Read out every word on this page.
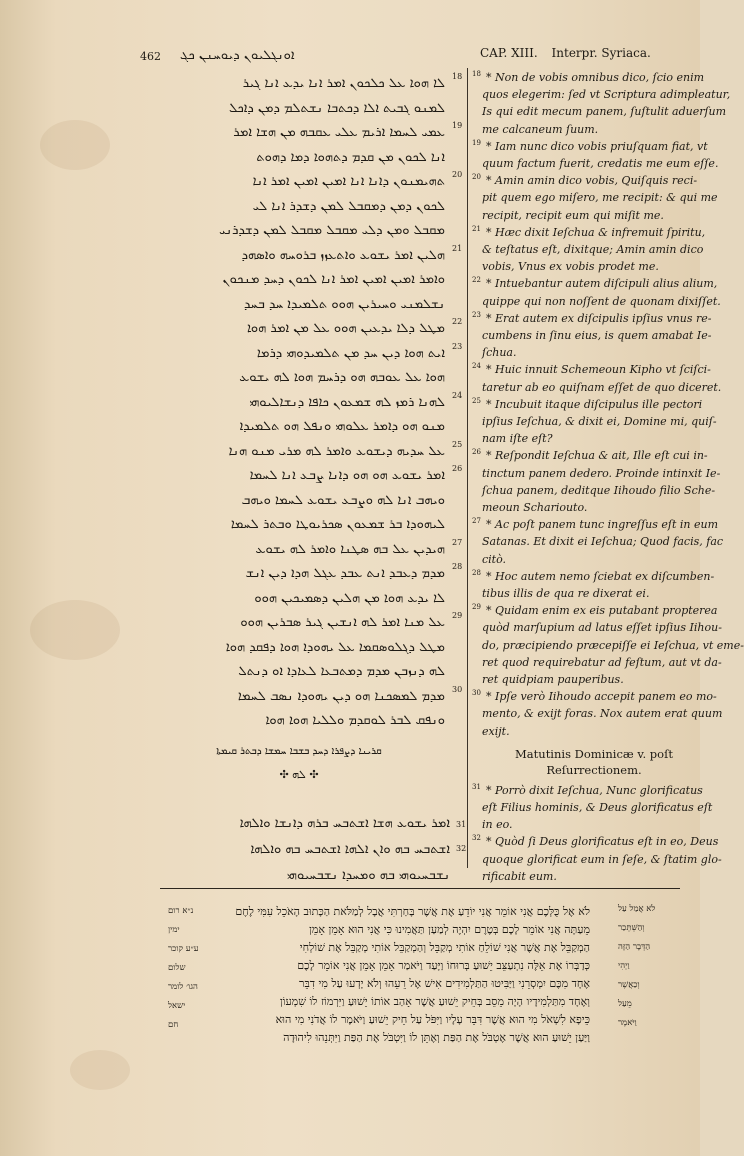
462 ܐܘܢܓܠܝܘܢ ܕܝܘܚܢܢ ܟܓ	CAP. XIII. Interpr. Syriaca.
ܠܐ ܗܘܐ ܥܠ ܟܠܟܘܢ ܐܡܪ ܐܢܐ ܝܕܥ ܐܢܐ ܓܝܪ
ܠܡܢܘ ܓܒܝܬ ܐܠܐ ܕܟܬܒܐ ܢܫܬܠܡ ܕܡܢ ܕܐܟܠ
ܥܡܝ ܠܚܡܐ ܐܪܝܡ ܥܠܝ ܥܩܒܗ ܡܢ ܗܫܐ ܐܡܪ
ܐܢܐ ܠܟܘܢ ܡܢ ܩܕܡ ܕܬܗܘܐ ܕܡܐ ܕܗܘܬ
ܬܗܝܡܢܘܢ ܕܐܢܐ ܐܢܐ ܐܡܝܢ ܐܡܝܢ ܐܡܪ ܐܢܐ
ܠܟܘܢ ܕܡܢ ܕܡܩܒܠ ܠܡܢ ܕܫܕܪ ܐܢܐ ܠܝ
ܡܩܒܠ ܘܡܢ ܕܠܝ ܡܩܒܠ ܡܩܒܠ ܠܡܢ ܕܫܕܪܢܝ
ܗܠܝܢ ܐܡܪ ܝܫܘܥ ܘܐܬܥܙܙ ܒܪܘܚܗ ܘܐܣܗܕ
ܘܐܡܪ ܐܡܝܢ ܐܡܝܢ ܐܡܪ ܐܢܐ ܠܟܘܢ ܕܚܕ ܡܢܟܘܢ
ܢܫܠܡܢܝ ܘܚܝܪܝܢ ܗܘܘ ܬܠܡܝܕܐ ܚܕ ܒܚܕ
ܡܛܠ ܕܠܐ ܝܕܥܝܢ ܗܘܘ ܥܠ ܡܢ ܐܡܪ ܗܘܐ
ܐܝܬ ܗܘܐ ܕܝܢ ܚܕ ܡܢ ܬܠܡܝܕܘܗܝ ܕܪܡܐ
ܗܘܐ ܥܠ ܥܘܒܗ ܗܘ ܕܪܚܡ ܗܘܐ ܠܗ ܝܫܘܥ
ܠܗܢܐ ܪܡܙ ܠܗ ܫܡܥܘܢ ܟܐܦܐ ܕܢܫܐܠܝܘܗܝ
ܡܢܘ ܗܘ ܕܐܡܪ ܥܠܘܗܝ ܘܢܦܠ ܗܘ ܬܠܡܝܕܐ
ܥܠ ܚܕܝܗ ܕܝܫܘܥ ܘܐܡܪ ܠܗ ܡܪܝ ܡܢܘ ܗܢܐ
ܐܡܪ ܝܫܘܥ ܗܘ ܗܘ ܕܐܢܐ ܨܒܥ ܐܢܐ ܠܚܡܐ
ܘܝܗܒ ܐܢܐ ܠܗ ܘܨܒܥ ܝܫܘܥ ܠܚܡܐ ܘܝܗܒ
ܠܝܗܘܕܐ ܒܪ ܫܡܥܘܢ ܣܟܪܝܘܛܐ ܘܒܬܪ ܠܚܡܐ
ܗܝܕܝܢ ܥܠ ܒܗ ܣܛܢܐ ܘܐܡܪ ܠܗ ܝܫܘܥ
ܡܕܡ ܕܥܒܕ ܐܢܬ ܥܒܕ ܥܓܠ ܗܕܐ ܕܝܢ ܐܢܫ
ܠܐ ܝܕܥ ܗܘܐ ܡܢ ܗܠܝܢ ܕܣܡܝܟܝܢ ܗܘܘ
ܥܠ ܡܢܐ ܐܡܪ ܠܗ ܐܢܫܝܢ ܓܝܪ ܣܒܪܝܢ ܗܘܘ
ܡܛܠ ܕܓܠܘܣܩܡܐ ܥܠ ܝܗܘܕܐ ܗܘܐ ܕܦܩܕ ܗܘܐ
ܠܗ ܕܢܙܒܢ ܡܕܡ ܕܡܬܒܥܐ ܠܥܐܕܐ ܐܘ ܕܢܬܠ
ܡܕܡ ܠܡܣܟܢܐ ܗܘ ܕܝܢ ܝܗܘܕܐ ܢܣܒ ܠܚܡܐ
ܘܢܦܩ ܠܒܪ ܠܘܩܕܡ ܘܠܠܝܐ ܗܘܐ ܗܘܐ
18
19
20
21
22
23
24
25
26
27
28
29
30
ܩܪܝܢܐ ܕܨܦܪܐ ܕܚܕ ܒܫܒܐ ܚܡܫܐ ܕܒܬܪ ܩܝܡܬܐ
✣ ܠܗ ✣
ܐܡܪ ܝܫܘܥ ܗܫܐ ܐܫܬܒܚ ܒܪܗ ܕܐܢܫܐ ܘܐܠܗܐ
ܐܫܬܒܚ ܒܗ ܘܐܢ ܐܠܗܐ ܐܫܬܒܚ ܒܗ ܘܐܠܗܐ
ܢܫܒܚܝܘܗܝ ܒܗ ܘܡܚܕܐ ܢܫܒܚܝܘܗܝ
31
32
18 * Non de vobis omnibus dico, ſcio enim
quos elegerim: ſed vt Scriptura adimpleatur,
Is qui edit mecum panem, ſuſtulit aduerſum
me calcaneum ſuum.
19 * Iam nunc dico vobis priuſquam fiat, vt
quum factum fuerit, credatis me eum eſſe.
20 * Amin amin dico vobis, Quiſquis reci-
pit quem ego miſero, me recipit: & qui me
recipit, recipit eum qui miſit me.
21 * Hæc dixit Ieſchua & infremuit ſpiritu,
& teſtatus eſt, dixitque; Amin amin dico
vobis, Vnus ex vobis prodet me.
22 * Intuebantur autem diſcipuli alius alium,
quippe qui non noſſent de quonam dixiſſet.
23 * Erat autem ex diſcipulis ipſius vnus re-
cumbens in ſinu eius, is quem amabat Ie-
ſchua.
24 * Huic innuit Schemeoun Kipho vt ſciſci-
taretur ab eo quiſnam eſſet de quo diceret.
25 * Incubuit itaque diſcipulus ille pectori
ipſius Ieſchua, & dixit ei, Domine mi, quiſ-
nam iſte eſt?
26 * Reſpondit Ieſchua & ait, Ille eſt cui in-
tinctum panem dedero. Proinde intinxit Ie-
ſchua panem, deditque Iihoudo filio Sche-
meoun Schariouto.
27 * Ac poſt panem tunc ingreſſus eſt in eum
Satanas. Et dixit ei Ieſchua; Quod facis, fac
citò.
28 * Hoc autem nemo ſciebat ex diſcumben-
tibus illis de qua re dixerat ei.
29 * Quidam enim ex eis putabant propterea
quòd marſupium ad latus eſſet ipſius Iihou-
do, præcipiendo præcepiſſe ei Ieſchua, vt eme-
ret quod requirebatur ad feſtum, aut vt da-
ret quidpiam pauperibus.
30 * Ipſe verò Iihoudo accepit panem eo mo-
mento, & exijt foras. Nox autem erat quum
exijt.
Matutinis Dominicæ v. poſt
Reſurrectionem.
31 * Porrò dixit Ieſchua, Nunc glorificatus
eſt Filius hominis, & Deus glorificatus eſt
in eo.
32 * Quòd ſi Deus glorificatus eſt in eo, Deus
quoque glorificat eum in ſeſe, & ſtatim glo-
rificabit eum.
לֹא אֶל כֻּלְּכֶם אֲנִי אוֹמֵר אֲנִי יוֹדֵעַ אֶת אֲשֶׁר בָּחַרְתִּי אֲבָל לְמַלֹּאת הַכָּתוּב הָאֹכֵל עִמִּי לֶחֶם
מֵעַתָּה אֲנִי אוֹמֵר לָכֶם בְּטֶרֶם יִהְיֶה לְמַעַן תַּאֲמִינוּ כִּי אֲנִי הוּא אָמֵן אָמֵן
הַמְקַבֵּל אֶת אֲשֶׁר אֲנִי שׁוֹלֵחַ אוֹתִי מְקַבֵּל וְהַמְקַבֵּל אוֹתִי מְקַבֵּל אֶת שׁוֹלְחִי
כְּדַבְּרוֹ אֶת אֵלֶּה נִתְעַצֵּב יֵשׁוּעַ בְּרוּחוֹ וַיָּעַד וַיֹּאמַר אָמֵן אָמֵן אֲנִי אוֹמֵר לָכֶם
אֶחָד מִכֶּם יִמְסְרֵנִי וַיַּבִּיטוּ הַתַּלְמִידִים אִישׁ אֶל רֵעֵהוּ וְלֹא יָדְעוּ עַל מִי דִבֵּר
וְאֶחָד מִתַּלְמִידָיו הָיָה מֵסֵב בְּחֵיק יֵשׁוּעַ אֲשֶׁר אָהַב אוֹתוֹ יֵשׁוּעַ וַיִּרְמוֹז לוֹ שִׁמְעוֹן
כֵּיפָא לִשְׁאֹל מִי הוּא אֲשֶׁר דִּבֵּר עָלָיו וַיִּפֹּל עַל חֵיק יֵשׁוּעַ וַיֹּאמֶר לוֹ אֲדֹנִי מִי הוּא
וַיַּעַן יֵשׁוּעַ הוּא אֲשֶׁר אֶטְבֹּל אֶת הַפַּת וְאֶתֵּן לוֹ וַיִּטְבֹּל אֶת הַפַּת וַיִּתְּנֵהוּ לִיהוּדָה
נ״א רום
ימין
ע״ע קוכר
שלום
הגו׳ לומר
ישאל
חם
לֹא אֲמַל עַל
וְהַשְּׁתְּכַר
הַדְּבָר הַזֶּה
וַיְהִי
וְכַאֲשֶׁר
מֵעַל
וַיֹּאמֶר
